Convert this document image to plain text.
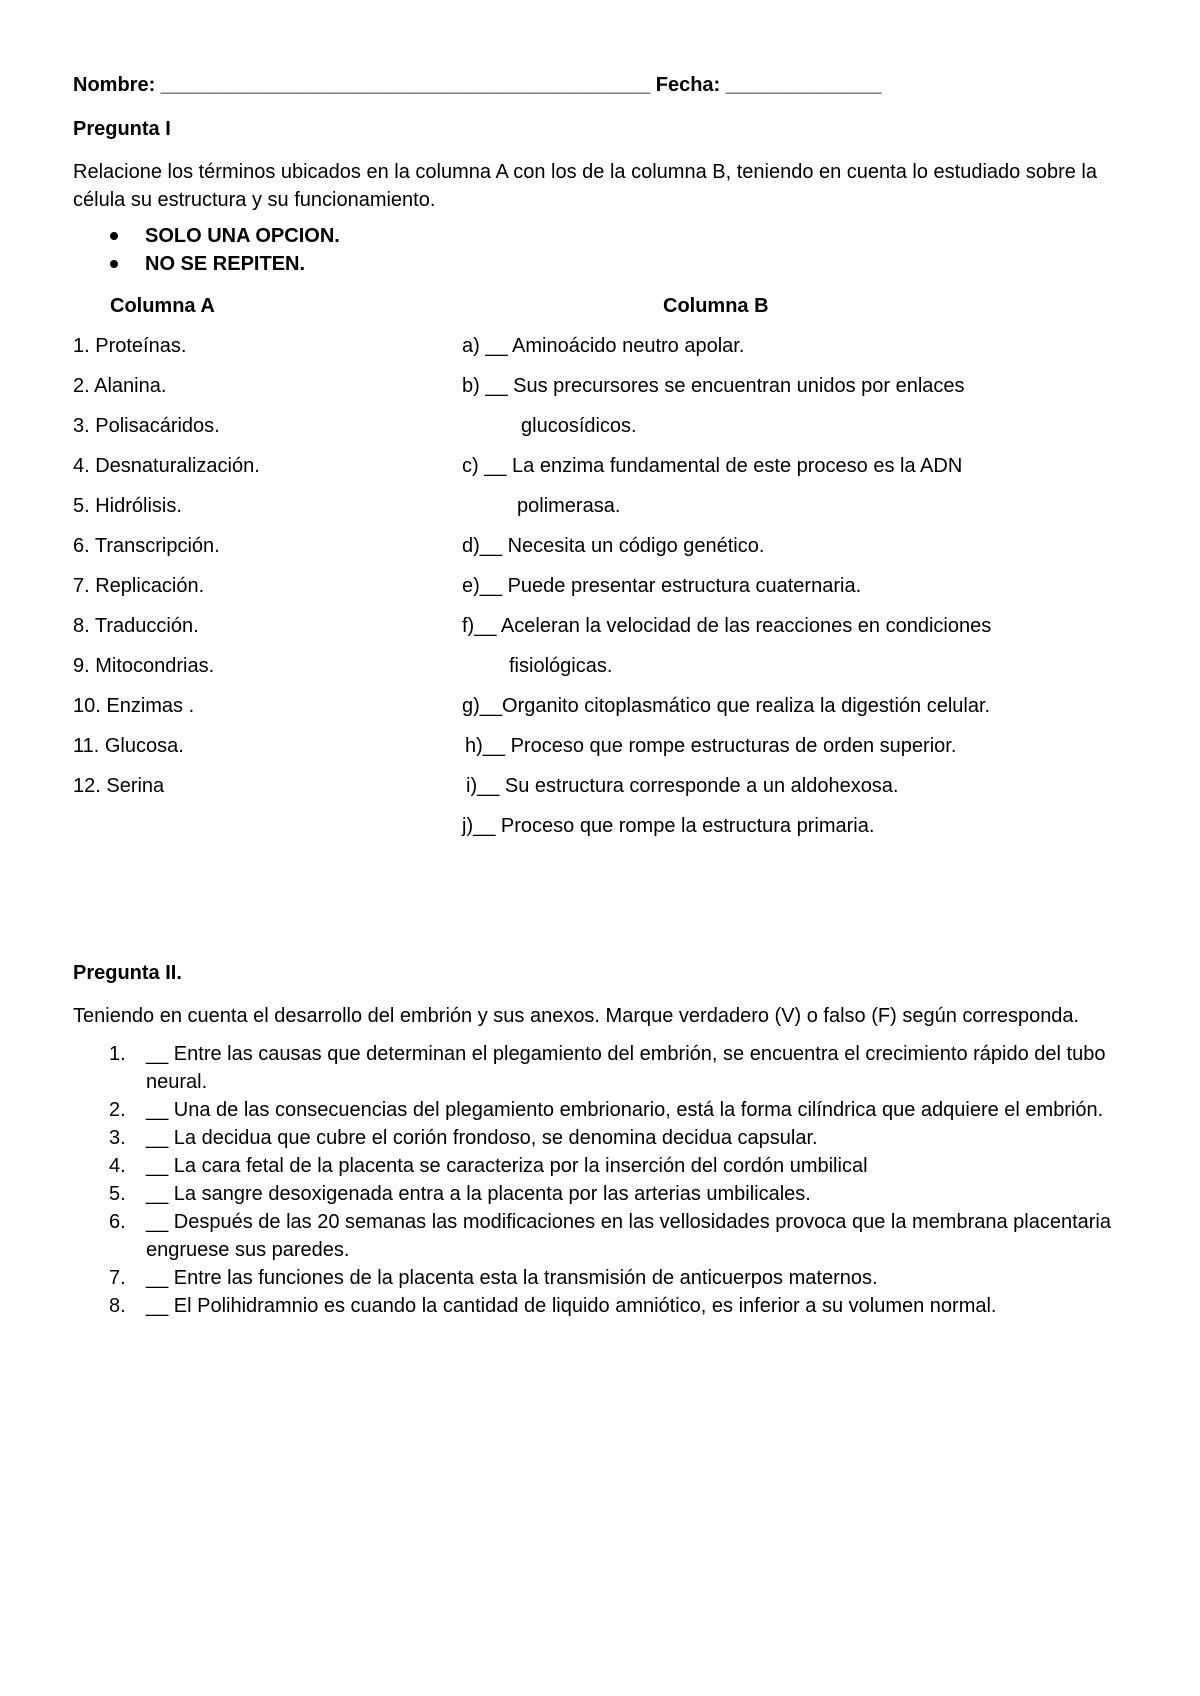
Nombre: ____________________________________________ Fecha: ______________
Pregunta I
Relacione los términos ubicados en la columna A con los de la columna B, teniendo en cuenta lo estudiado sobre la célula su estructura y su funcionamiento.
SOLO UNA OPCION.
NO SE REPITEN.
Columna A	Columna B
1. Proteínas.	a) __ Aminoácido neutro apolar.
2. Alanina.	b) __ Sus precursores se encuentran unidos por enlaces
3. Polisacáridos.	glucosídicos.
4. Desnaturalización.	c) __ La enzima fundamental de este proceso es la ADN
5. Hidrólisis.	polimerasa.
6. Transcripción.	d)__ Necesita un código genético.
7. Replicación.	e)__ Puede presentar estructura cuaternaria.
8. Traducción.	f)__ Aceleran la velocidad de las reacciones en condiciones
9. Mitocondrias.	fisiológicas.
10. Enzimas .	g)__Organito citoplasmático que realiza la digestión celular.
11. Glucosa.	h)__ Proceso que rompe estructuras de orden superior.
12. Serina	i)__ Su estructura corresponde a un aldohexosa.
j)__ Proceso que rompe la estructura primaria.
Pregunta II.
Teniendo en cuenta el desarrollo del embrión y sus anexos. Marque verdadero (V) o falso (F) según corresponda.
1. __ Entre las causas que determinan el plegamiento del embrión, se encuentra el crecimiento rápido del tubo neural.
2. __ Una de las consecuencias del plegamiento embrionario, está la forma cilíndrica que adquiere el embrión.
3. __ La decidua que cubre el corión frondoso, se denomina decidua capsular.
4. __ La cara fetal de la placenta se caracteriza por la inserción del cordón umbilical
5. __ La sangre desoxigenada entra a la placenta por las arterias umbilicales.
6. __ Después de las 20 semanas las modificaciones en las vellosidades provoca que la membrana placentaria engruese sus paredes.
7. __ Entre las funciones de la placenta esta la transmisión de anticuerpos maternos.
8. __ El Polihidramnio es cuando la cantidad de liquido amniótico, es inferior a su volumen normal.
